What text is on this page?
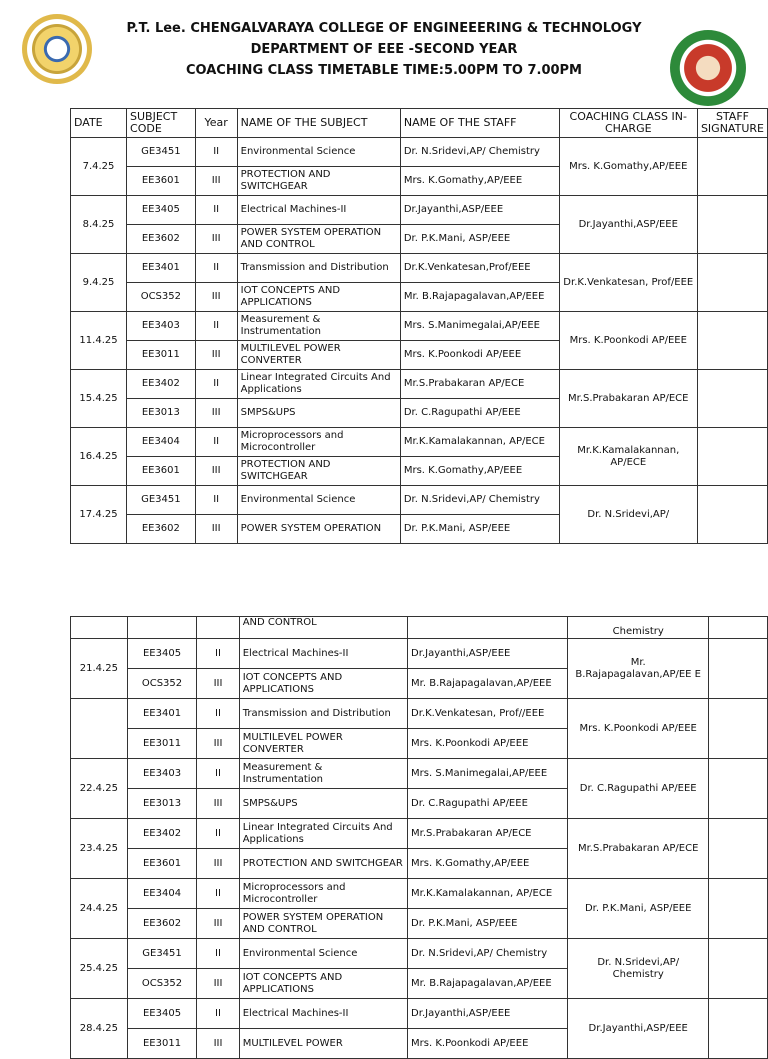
P.T. Lee. CHENGALVARAYA COLLEGE OF ENGINEEERING & TECHNOLOGY
DEPARTMENT OF EEE -SECOND YEAR
COACHING CLASS TIMETABLE TIME:5.00PM TO 7.00PM
DATE	SUBJECT CODE	Year	NAME OF THE SUBJECT	NAME OF THE STAFF	COACHING CLASS IN-CHARGE	STAFF SIGNATURE
7.4.25	GE3451	II	Environmental Science	Dr. N.Sridevi,AP/ Chemistry	Mrs. K.Gomathy,AP/EEE	
	EE3601	III	PROTECTION AND SWITCHGEAR	Mrs. K.Gomathy,AP/EEE		
8.4.25	EE3405	II	Electrical Machines-II	Dr.Jayanthi,ASP/EEE	Dr.Jayanthi,ASP/EEE	
	EE3602	III	POWER SYSTEM OPERATION AND CONTROL	Dr. P.K.Mani, ASP/EEE		
9.4.25	EE3401	II	Transmission and Distribution	Dr.K.Venkatesan,Prof/EEE	Dr.K.Venkatesan, Prof/EEE	
	OCS352	III	IOT CONCEPTS AND APPLICATIONS	Mr. B.Rajapagalavan,AP/EEE		
11.4.25	EE3403	II	Measurement & Instrumentation	Mrs. S.Manimegalai,AP/EEE	Mrs. K.Poonkodi AP/EEE	
	EE3011	III	MULTILEVEL POWER CONVERTER	Mrs. K.Poonkodi AP/EEE		
15.4.25	EE3402	II	Linear Integrated Circuits And Applications	Mr.S.Prabakaran AP/ECE	Mr.S.Prabakaran AP/ECE	
	EE3013	III	SMPS&UPS	Dr. C.Ragupathi AP/EEE		
16.4.25	EE3404	II	Microprocessors and Microcontroller	Mr.K.Kamalakannan, AP/ECE	Mr.K.Kamalakannan, AP/ECE	
	EE3601	III	PROTECTION AND SWITCHGEAR	Mrs. K.Gomathy,AP/EEE		
17.4.25	GE3451	II	Environmental Science	Dr. N.Sridevi,AP/ Chemistry	Dr. N.Sridevi,AP/	
	EE3602	III	POWER SYSTEM OPERATION	Dr. P.K.Mani, ASP/EEE		
			AND CONTROL		Chemistry	
21.4.25	EE3405	II	Electrical Machines-II	Dr.Jayanthi,ASP/EEE	Mr. B.Rajapagalavan,AP/EE E	
	OCS352	III	IOT CONCEPTS AND APPLICATIONS	Mr. B.Rajapagalavan,AP/EEE		
	EE3401	II	Transmission and Distribution	Dr.K.Venkatesan, Prof//EEE	Mrs. K.Poonkodi AP/EEE	
	EE3011	III	MULTILEVEL POWER CONVERTER	Mrs. K.Poonkodi AP/EEE		
22.4.25	EE3403	II	Measurement & Instrumentation	Mrs. S.Manimegalai,AP/EEE	Dr. C.Ragupathi AP/EEE	
	EE3013	III	SMPS&UPS	Dr. C.Ragupathi AP/EEE		
23.4.25	EE3402	II	Linear Integrated Circuits And Applications	Mr.S.Prabakaran AP/ECE	Mr.S.Prabakaran AP/ECE	
	EE3601	III	PROTECTION AND SWITCHGEAR	Mrs. K.Gomathy,AP/EEE		
24.4.25	EE3404	II	Microprocessors and Microcontroller	Mr.K.Kamalakannan, AP/ECE	Dr. P.K.Mani, ASP/EEE	
	EE3602	III	POWER SYSTEM OPERATION AND CONTROL	Dr. P.K.Mani, ASP/EEE		
25.4.25	GE3451	II	Environmental Science	Dr. N.Sridevi,AP/ Chemistry	Dr. N.Sridevi,AP/ Chemistry	
	OCS352	III	IOT CONCEPTS AND APPLICATIONS	Mr. B.Rajapagalavan,AP/EEE		
28.4.25	EE3405	II	Electrical Machines-II	Dr.Jayanthi,ASP/EEE	Dr.Jayanthi,ASP/EEE	
	EE3011	III	MULTILEVEL POWER	Mrs. K.Poonkodi AP/EEE		
